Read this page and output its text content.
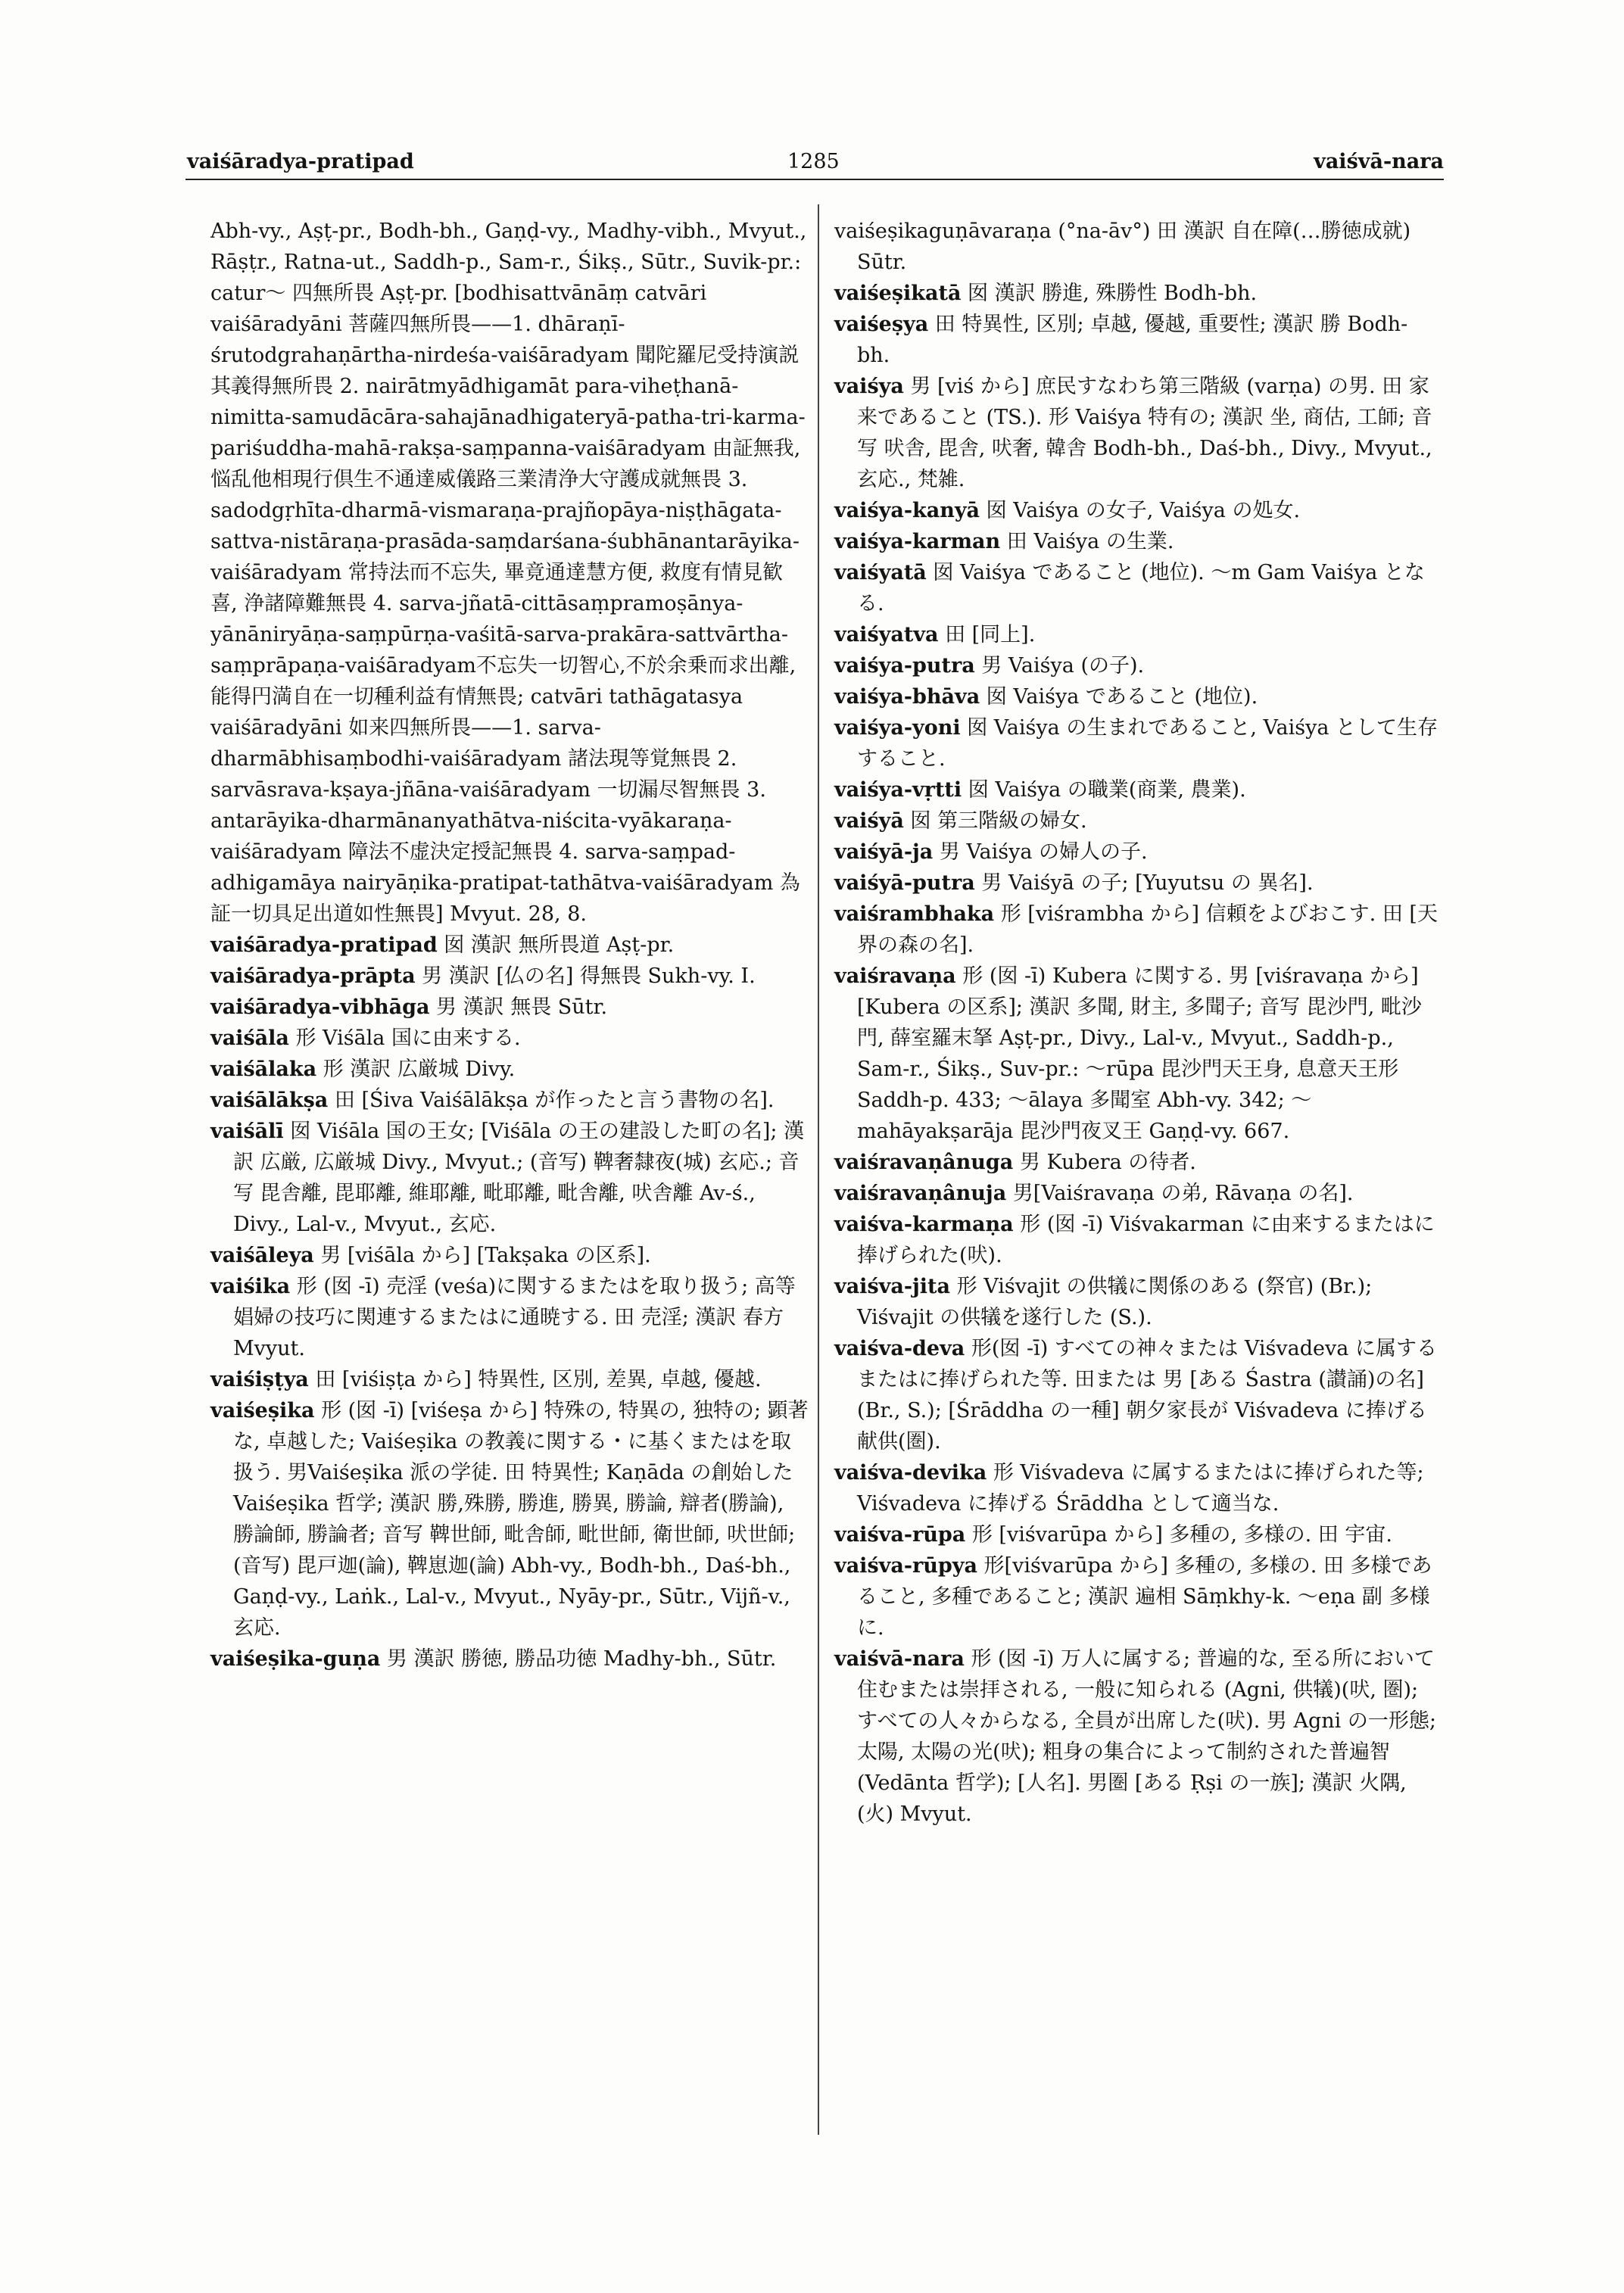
vaiśāradya-pratipad	1285	vaiśvā-nara
Abh-vy., Aṣṭ-pr., Bodh-bh., Gaṇḍ-vy., Madhy-vibh., Mvyut., Rāṣṭr., Ratna-ut., Saddh-p., Sam-r., Śikṣ., Sūtr., Suvik-pr.: catur〜 四無所畏 Aṣṭ-pr. [bodhisattvānāṃ catvāri vaiśāradyāni 菩薩四無所畏——1. dhāraṇī-śrutodgrahaṇārtha-nirdeśa-vaiśāradyam 聞陀羅尼受持演説其義得無所畏 2. nairātmyādhigamāt para-viheṭhanā-nimitta-samudācāra-sahajānadhigateryā-patha-tri-karma-pariśuddha-mahā-rakṣa-saṃpanna-vaiśāradyam 由証無我, 悩乱他相現行倶生不通達威儀路三業清浄大守護成就無畏 3. sadodgṛhīta-dharmā-vismaraṇa-prajñopāya-niṣṭhāgata-sattva-nistāraṇa-prasāda-saṃdarśana-śubhānantarāyika-vaiśāradyam 常持法而不忘失, 畢竟通達慧方便, 救度有情見歓喜, 浄諸障難無畏 4. sarva-jñatā-cittāsaṃpramoṣānya-yānāniryāṇa-saṃpūrṇa-vaśitā-sarva-prakāra-sattvārtha-saṃprāpaṇa-vaiśāradyam不忘失一切智心,不於余乗而求出離,能得円満自在一切種利益有情無畏; catvāri tathāgatasya vaiśāradyāni 如来四無所畏——1. sarva-dharmābhisaṃbodhi-vaiśāradyam 諸法現等覚無畏 2. sarvāsrava-kṣaya-jñāna-vaiśāradyam 一切漏尽智無畏 3. antarāyika-dharmānanyathātva-niścita-vyākaraṇa-vaiśāradyam 障法不虚決定授記無畏 4. sarva-saṃpad-adhigamāya nairyāṇika-pratipat-tathātva-vaiśāradyam 為証一切具足出道如性無畏] Mvyut. 28, 8.
vaiśāradya-pratipad 囡 漢訳 無所畏道 Aṣṭ-pr.
vaiśāradya-prāpta 男 漢訳 [仏の名] 得無畏 Sukh-vy. I.
vaiśāradya-vibhāga 男 漢訳 無畏 Sūtr.
vaiśāla 形 Viśāla 国に由来する.
vaiśālaka 形 漢訳 広厳城 Divy.
vaiśālākṣa 田 [Śiva Vaiśālākṣa が作ったと言う書物の名].
vaiśālī 囡 Viśāla 国の王女; [Viśāla の王の建設した町の名]; 漢訳 広厳, 広厳城 Divy., Mvyut.; (音写) 鞞奢隸夜(城) 玄応.; 音写 毘舎離, 毘耶離, 維耶離, 毗耶離, 毗舎離, 吠舎離 Av-ś., Divy., Lal-v., Mvyut., 玄応.
vaiśāleya 男 [viśāla から] [Takṣaka の区系].
vaiśika 形 (囡 -ī) 売淫 (veśa)に関するまたはを取り扱う; 高等娼婦の技巧に関連するまたはに通暁する. 田 売淫; 漢訳 春方 Mvyut.
vaiśiṣṭya 田 [viśiṣṭa から] 特異性, 区別, 差異, 卓越, 優越.
vaiśeṣika 形 (囡 -ī) [viśeṣa から] 特殊の, 特異の, 独特の; 顕著な, 卓越した; Vaiśeṣika の教義に関する・に基くまたはを取扱う. 男Vaiśeṣika 派の学徒. 田 特異性; Kaṇāda の創始した Vaiśeṣika 哲学; 漢訳 勝,殊勝, 勝進, 勝異, 勝論, 辯者(勝論), 勝論師, 勝論者; 音写 鞞世師, 毗舎師, 毗世師, 衛世師, 吠世師; (音写) 毘戸迦(論), 鞞崽迦(論) Abh-vy., Bodh-bh., Daś-bh., Gaṇḍ-vy., Laṅk., Lal-v., Mvyut., Nyāy-pr., Sūtr., Vijñ-v., 玄応.
vaiśeṣika-guṇa 男 漢訳 勝徳, 勝品功徳 Madhy-bh., Sūtr.
vaiśeṣikaguṇāvaraṇa (°na-āv°) 田 漢訳 自在障(…勝徳成就) Sūtr.
vaiśeṣikatā 囡 漢訳 勝進, 殊勝性 Bodh-bh.
vaiśeṣya 田 特異性, 区別; 卓越, 優越, 重要性; 漢訳 勝 Bodh-bh.
vaiśya 男 [viś から] 庶民すなわち第三階級 (varṇa) の男. 田 家来であること (TS.). 形 Vaiśya 特有の; 漢訳 坐, 商估, 工師; 音写 吠舎, 毘舎, 吠奢, 韓舎 Bodh-bh., Daś-bh., Divy., Mvyut., 玄応., 梵雑.
vaiśya-kanyā 囡 Vaiśya の女子, Vaiśya の処女.
vaiśya-karman 田 Vaiśya の生業.
vaiśyatā 囡 Vaiśya であること (地位). 〜m Gam Vaiśya となる.
vaiśyatva 田 [同上].
vaiśya-putra 男 Vaiśya (の子).
vaiśya-bhāva 囡 Vaiśya であること (地位).
vaiśya-yoni 囡 Vaiśya の生まれであること, Vaiśya として生存すること.
vaiśya-vṛtti 囡 Vaiśya の職業(商業, 農業).
vaiśyā 囡 第三階級の婦女.
vaiśyā-ja 男 Vaiśya の婦人の子.
vaiśyā-putra 男 Vaiśyā の子; [Yuyutsu の 異名].
vaiśrambhaka 形 [viśrambha から] 信頼をよびおこす. 田 [天界の森の名].
vaiśravaṇa 形 (囡 -ī) Kubera に関する. 男 [viśravaṇa から][Kubera の区系]; 漢訳 多聞, 財主, 多聞子; 音写 毘沙門, 毗沙門, 薛室羅末拏 Aṣṭ-pr., Divy., Lal-v., Mvyut., Saddh-p., Sam-r., Śikṣ., Suv-pr.: 〜rūpa 毘沙門天王身, 息意天王形 Saddh-p. 433; 〜ālaya 多聞室 Abh-vy. 342; 〜mahāyakṣarāja 毘沙門夜叉王 Gaṇḍ-vy. 667.
vaiśravaṇânuga 男 Kubera の待者.
vaiśravaṇânuja 男[Vaiśravaṇa の弟, Rāvaṇa の名].
vaiśva-karmaṇa 形 (囡 -ī) Viśvakarman に由来するまたはに捧げられた(吠).
vaiśva-jita 形 Viśvajit の供犠に関係のある (祭官) (Br.); Viśvajit の供犠を遂行した (S.).
vaiśva-deva 形(囡 -ī) すべての神々または Viśvadeva に属するまたはに捧げられた等. 田または 男 [ある Śastra (讃誦)の名] (Br., S.); [Śrāddha の一種] 朝夕家長が Viśvadeva に捧げる献供(圏).
vaiśva-devika 形 Viśvadeva に属するまたはに捧げられた等; Viśvadeva に捧げる Śrāddha として適当な.
vaiśva-rūpa 形 [viśvarūpa から] 多種の, 多様の. 田 宇宙.
vaiśva-rūpya 形[viśvarūpa から] 多種の, 多様の. 田 多様であること, 多種であること; 漢訳 遍相 Sāṃkhy-k. 〜eṇa 副 多様に.
vaiśvā-nara 形 (囡 -ī) 万人に属する; 普遍的な, 至る所において住むまたは崇拝される, 一般に知られる (Agni, 供犠)(吠, 圏); すべての人々からなる, 全員が出席した(吠). 男 Agni の一形態; 太陽, 太陽の光(吠); 粗身の集合によって制約された普遍智 (Vedānta 哲学); [人名]. 男圏 [ある Ṛṣi の一族]; 漢訳 火隅, (火) Mvyut.
